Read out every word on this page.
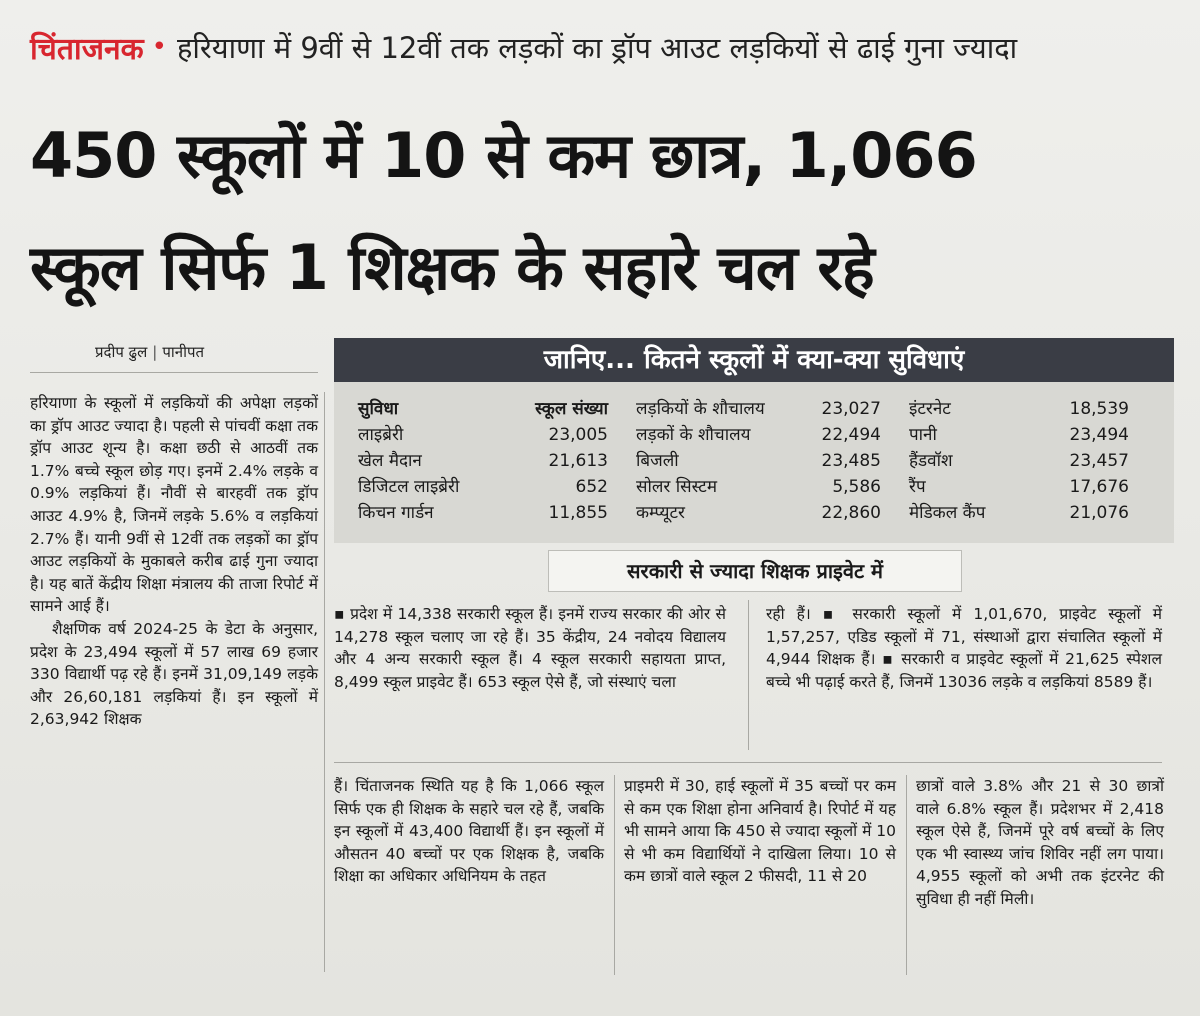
चिंताजनक • हरियाणा में 9वीं से 12वीं तक लड़कों का ड्रॉप आउट लड़कियों से ढाई गुना ज्यादा
450 स्कूलों में 10 से कम छात्र, 1,066
स्कूल सिर्फ 1 शिक्षक के सहारे चल रहे
प्रदीप ढुल | पानीपत

हरियाणा के स्कूलों में लड़कियों की अपेक्षा लड़कों का ड्रॉप आउट ज्यादा है। पहली से पांचवीं कक्षा तक ड्रॉप आउट शून्य है। कक्षा छठी से आठवीं तक 1.7% बच्चे स्कूल छोड़ गए। इनमें 2.4% लड़के व 0.9% लड़कियां हैं। नौवीं से बारहवीं तक ड्रॉप आउट 4.9% है, जिनमें लड़के 5.6% व लड़कियां 2.7% हैं। यानी 9वीं से 12वीं तक लड़कों का ड्रॉप आउट लड़कियों के मुकाबले करीब ढाई गुना ज्यादा है। यह बातें केंद्रीय शिक्षा मंत्रालय की ताजा रिपोर्ट में सामने आई हैं।

शैक्षणिक वर्ष 2024-25 के डेटा के अनुसार, प्रदेश के 23,494 स्कूलों में 57 लाख 69 हजार 330 विद्यार्थी पढ़ रहे हैं। इनमें 31,09,149 लड़के और 26,60,181 लड़कियां हैं। इन स्कूलों में 2,63,942 शिक्षक

जानिए... कितने स्कूलों में क्या-क्या सुविधाएं
सुविधा	स्कूल संख्या	लड़कियों के शौचालय	23,027	इंटरनेट	18,539
लाइब्रेरी	23,005	लड़कों के शौचालय	22,494	पानी	23,494
खेल मैदान	21,613	बिजली	23,485	हैंडवॉश	23,457
डिजिटल लाइब्रेरी	652	सोलर सिस्टम	5,586	रैंप	17,676
किचन गार्डन	11,855	कम्प्यूटर	22,860	मेडिकल कैंप	21,076
सरकारी से ज्यादा शिक्षक प्राइवेट में

▪ प्रदेश में 14,338 सरकारी स्कूल हैं। इनमें राज्य सरकार की ओर से 14,278 स्कूल चलाए जा रहे हैं। 35 केंद्रीय, 24 नवोदय विद्यालय और 4 अन्य सरकारी स्कूल हैं। 4 स्कूल सरकारी सहायता प्राप्त, 8,499 स्कूल प्राइवेट हैं। 653 स्कूल ऐसे हैं, जो संस्थाएं चला

रही हैं। ▪ सरकारी स्कूलों में 1,01,670, प्राइवेट स्कूलों में 1,57,257, एडिड स्कूलों में 71, संस्थाओं द्वारा संचालित स्कूलों में 4,944 शिक्षक हैं। ▪ सरकारी व प्राइवेट स्कूलों में 21,625 स्पेशल बच्चे भी पढ़ाई करते हैं, जिनमें 13036 लड़के व लड़कियां 8589 हैं।

हैं। चिंताजनक स्थिति यह है कि 1,066 स्कूल सिर्फ एक ही शिक्षक के सहारे चल रहे हैं, जबकि इन स्कूलों में 43,400 विद्यार्थी हैं। इन स्कूलों में औसतन 40 बच्चों पर एक शिक्षक है, जबकि शिक्षा का अधिकार अधिनियम के तहत

प्राइमरी में 30, हाई स्कूलों में 35 बच्चों पर कम से कम एक शिक्षा होना अनिवार्य है। रिपोर्ट में यह भी सामने आया कि 450 से ज्यादा स्कूलों में 10 से भी कम विद्यार्थियों ने दाखिला लिया। 10 से कम छात्रों वाले स्कूल 2 फीसदी, 11 से 20

छात्रों वाले 3.8% और 21 से 30 छात्रों वाले 6.8% स्कूल हैं। प्रदेशभर में 2,418 स्कूल ऐसे हैं, जिनमें पूरे वर्ष बच्चों के लिए एक भी स्वास्थ्य जांच शिविर नहीं लग पाया। 4,955 स्कूलों को अभी तक इंटरनेट की सुविधा ही नहीं मिली।
